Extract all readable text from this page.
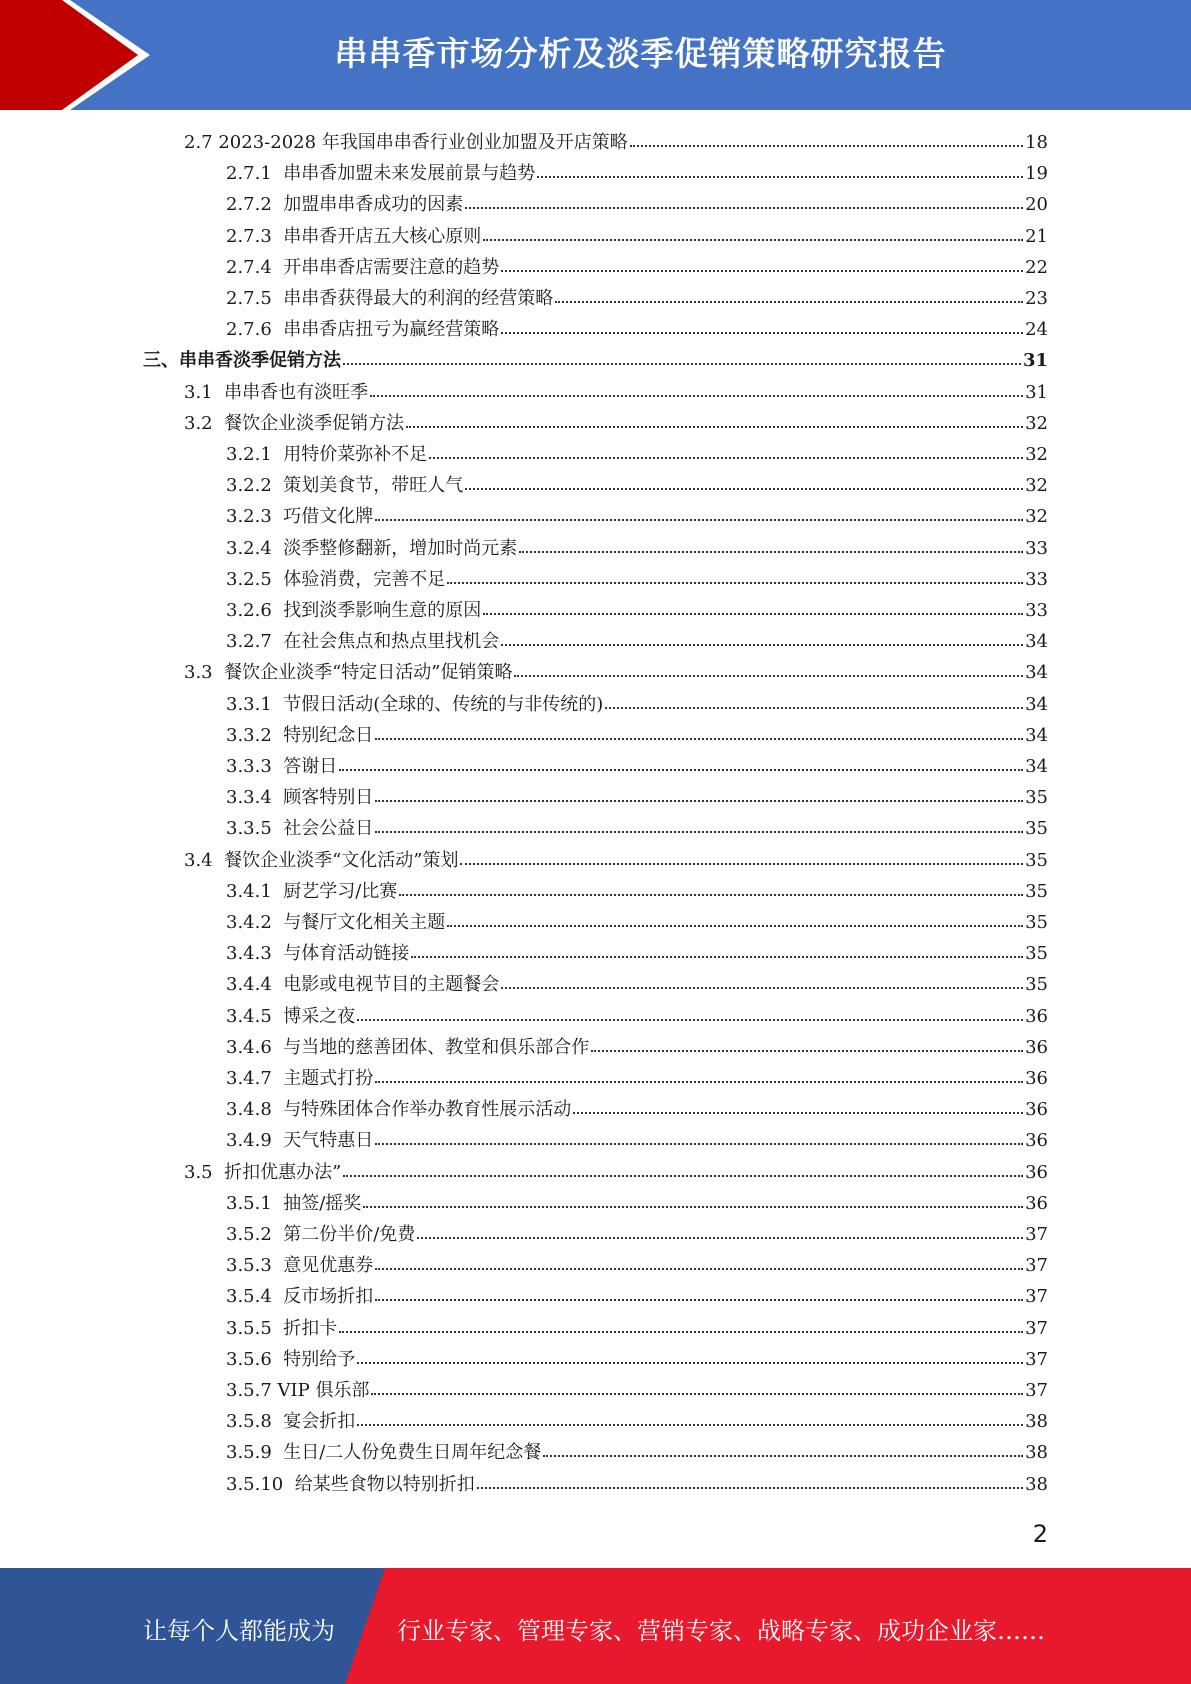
串串香市场分析及淡季促销策略研究报告
2.7 2023-2028 年我国串串香行业创业加盟及开店策略	18
2.7.1  串串香加盟未来发展前景与趋势	19
2.7.2  加盟串串香成功的因素	20
2.7.3  串串香开店五大核心原则	21
2.7.4  开串串香店需要注意的趋势	22
2.7.5  串串香获得最大的利润的经营策略	23
2.7.6  串串香店扭亏为赢经营策略	24
三、串串香淡季促销方法	31
3.1  串串香也有淡旺季	31
3.2  餐饮企业淡季促销方法	32
3.2.1  用特价菜弥补不足	32
3.2.2  策划美食节，带旺人气	32
3.2.3  巧借文化牌	32
3.2.4  淡季整修翻新，增加时尚元素	33
3.2.5  体验消费，完善不足	33
3.2.6  找到淡季影响生意的原因	33
3.2.7  在社会焦点和热点里找机会	34
3.3  餐饮企业淡季“特定日活动”促销策略	34
3.3.1  节假日活动(全球的、传统的与非传统的)	34
3.3.2  特别纪念日	34
3.3.3  答谢日	34
3.3.4  顾客特别日	35
3.3.5  社会公益日	35
3.4  餐饮企业淡季“文化活动”策划	35
3.4.1  厨艺学习/比赛	35
3.4.2  与餐厅文化相关主题	35
3.4.3  与体育活动链接	35
3.4.4  电影或电视节目的主题餐会	35
3.4.5  博采之夜	36
3.4.6  与当地的慈善团体、教堂和俱乐部合作	36
3.4.7  主题式打扮	36
3.4.8  与特殊团体合作举办教育性展示活动	36
3.4.9  天气特惠日	36
3.5  折扣优惠办法”	36
3.5.1  抽签/摇奖	36
3.5.2  第二份半价/免费	37
3.5.3  意见优惠券	37
3.5.4  反市场折扣	37
3.5.5  折扣卡	37
3.5.6  特别给予	37
3.5.7 VIP 俱乐部	37
3.5.8  宴会折扣	38
3.5.9  生日/二人份免费生日周年纪念餐	38
3.5.10  给某些食物以特别折扣	38
2
让每个人都能成为	行业专家、管理专家、营销专家、战略专家、成功企业家……
